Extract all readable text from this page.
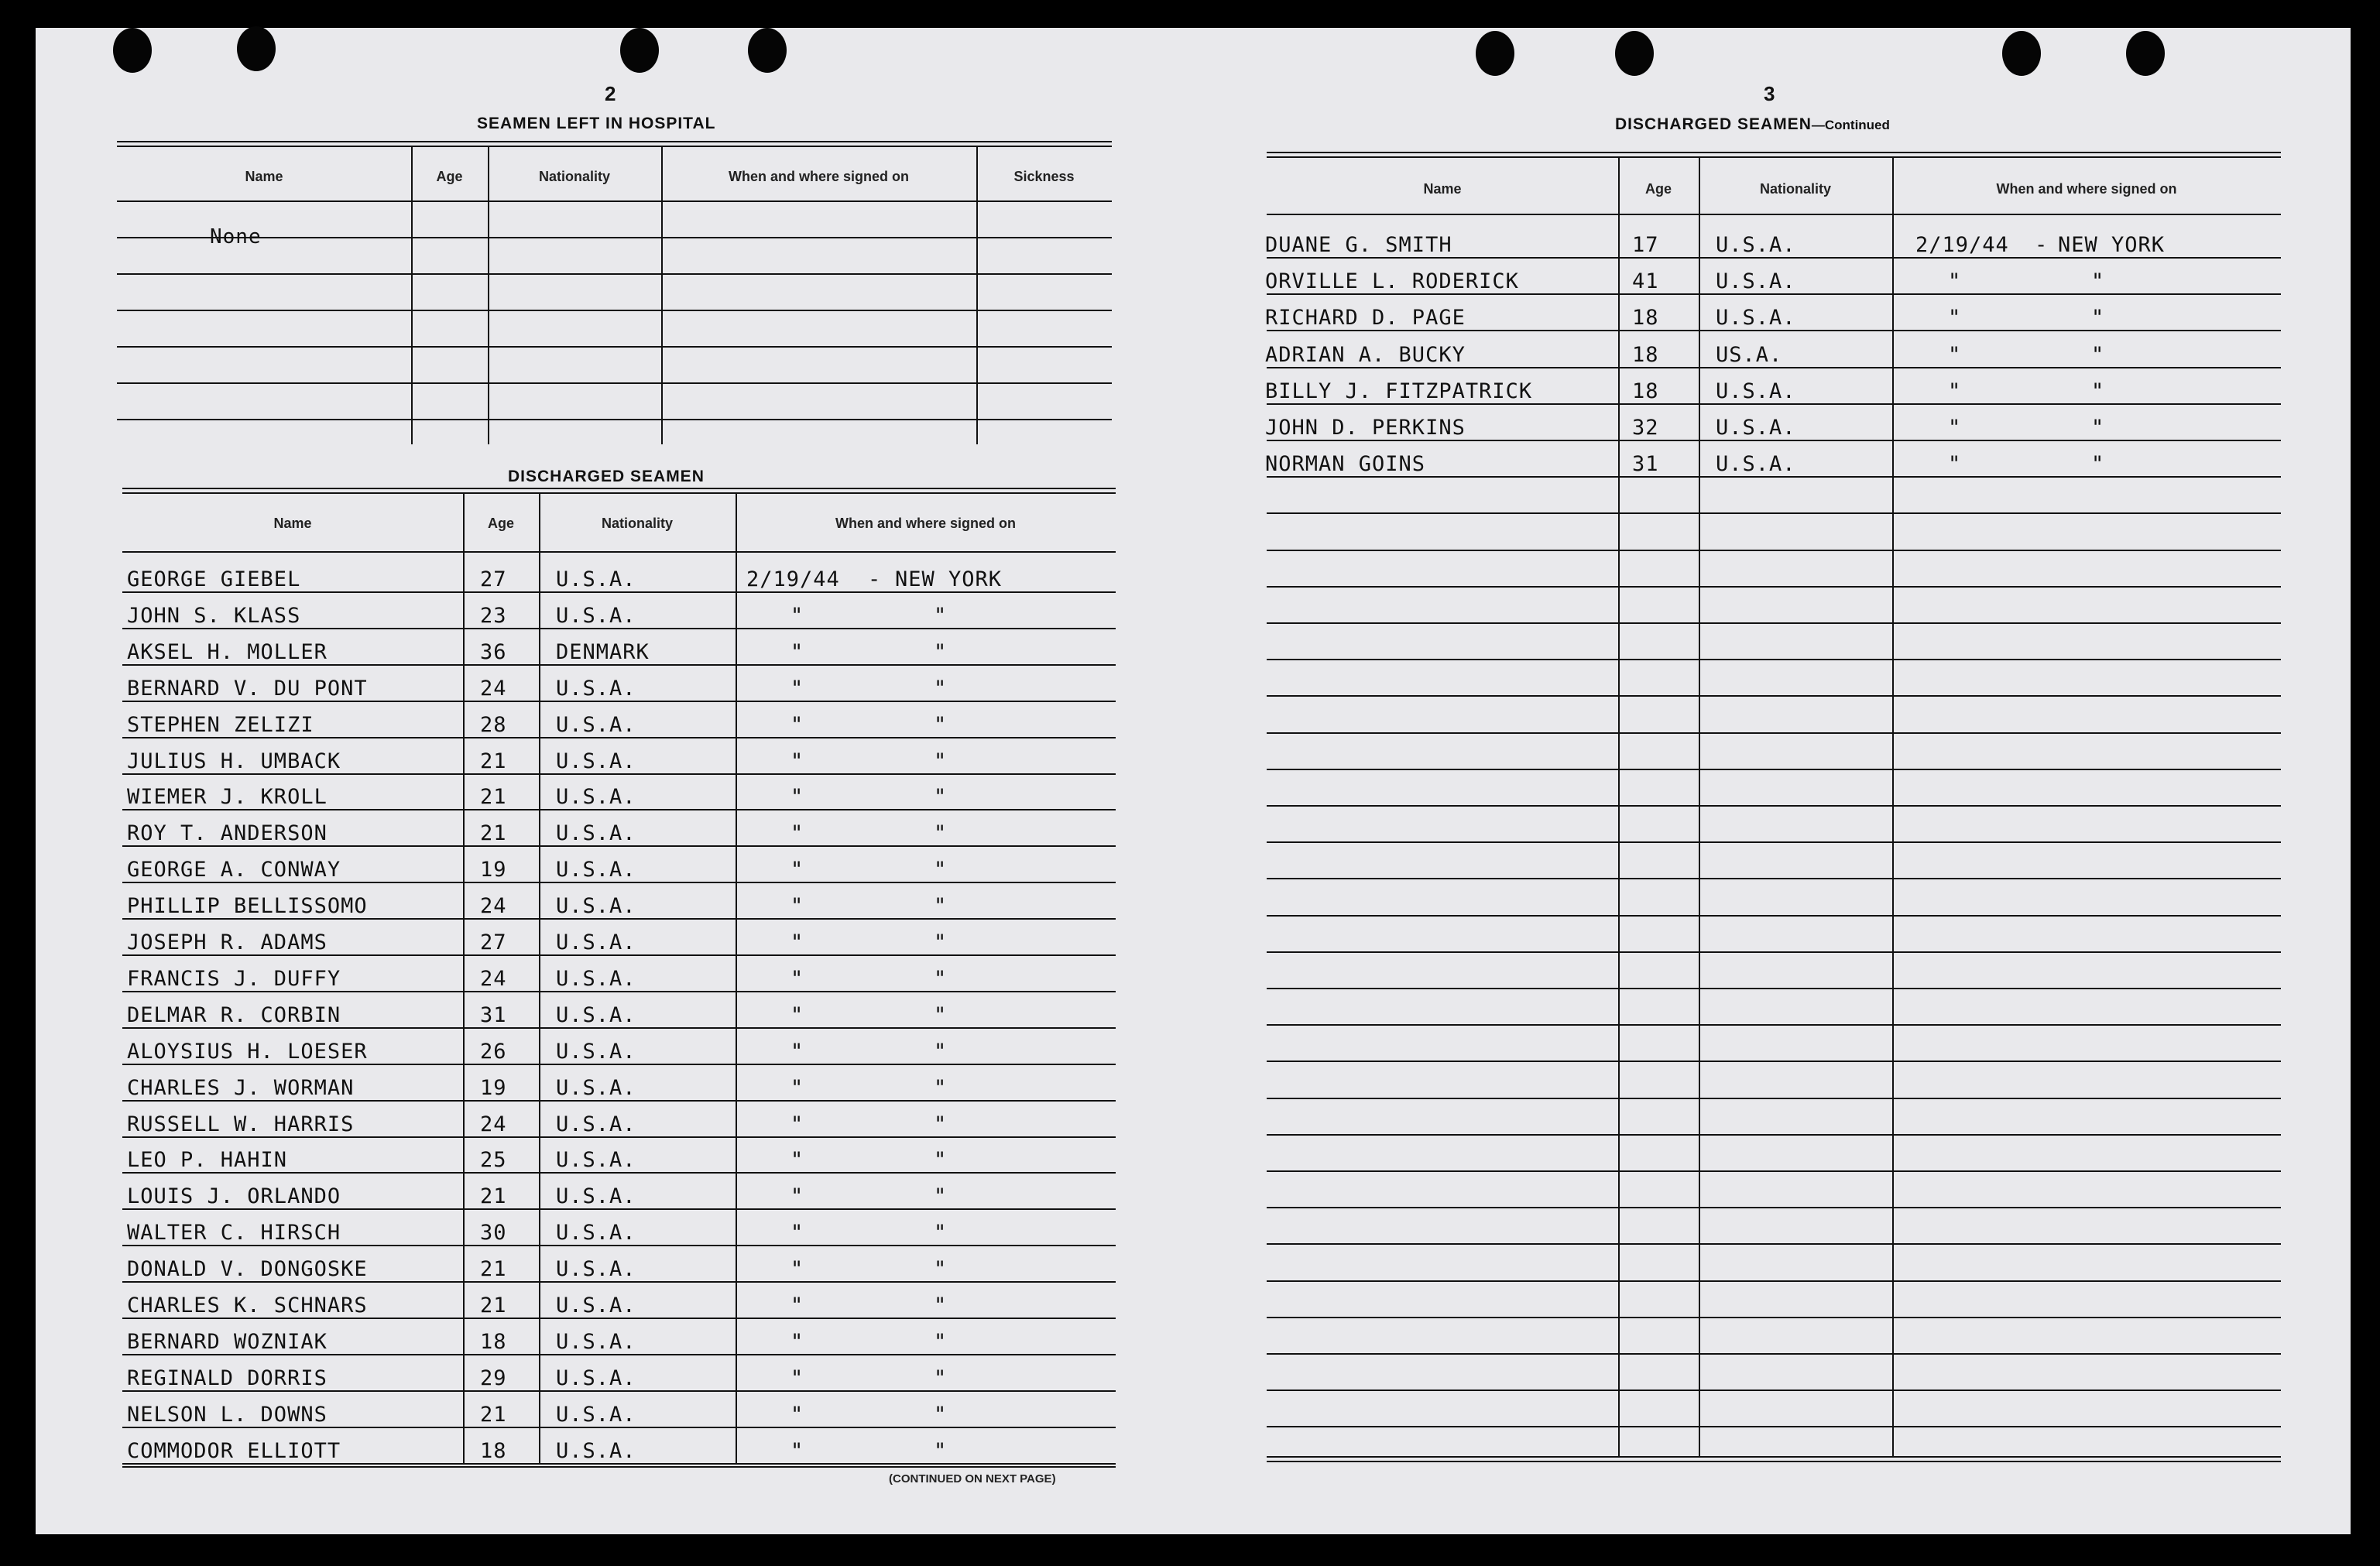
2
SEAMEN LEFT IN HOSPITAL
DISCHARGED SEAMEN
(CONTINUED ON NEXT PAGE)
3
DISCHARGED SEAMEN—Continued
Name	Age	Nationality	When and where signed on	Sickness
None
Name	Age	Nationality	When and where signed on
GEORGE GIEBEL	27 U.S.A.	2/19/44 - NEW YORK
JOHN S. KLASS	23 U.S.A.	"	"
AKSEL H. MOLLER	36 DENMARK	"	"
BERNARD V. DU PONT	24 U.S.A.	"	"
STEPHEN ZELIZI	28 U.S.A.	"	"
JULIUS H. UMBACK	21 U.S.A.	"	"
WIEMER J. KROLL	21 U.S.A.	"	"
ROY T. ANDERSON	21 U.S.A.	"	"
GEORGE A. CONWAY	19 U.S.A.	"	"
PHILLIP BELLISSOMO	24 U.S.A.	"	"
JOSEPH R. ADAMS	27 U.S.A.	"	"
FRANCIS J. DUFFY	24 U.S.A.	"	"
DELMAR R. CORBIN	31 U.S.A.	"	"
ALOYSIUS H. LOESER	26 U.S.A.	"	"
CHARLES J. WORMAN	19 U.S.A.	"	"
RUSSELL W. HARRIS	24 U.S.A.	"	"
LEO P. HAHIN	25 U.S.A.	"	"
LOUIS J. ORLANDO	21 U.S.A.	"	"
WALTER C. HIRSCH	30 U.S.A.	"	"
DONALD V. DONGOSKE	21 U.S.A.	"	"
CHARLES K. SCHNARS	21 U.S.A.	"	"
BERNARD WOZNIAK	18 U.S.A.	"	"
REGINALD DORRIS	29 U.S.A.	"	"
NELSON L. DOWNS	21 U.S.A.	"	"
COMMODOR ELLIOTT	18 U.S.A.	"	"
Name	Age	Nationality	When and where signed on
DUANE G. SMITH	17	U.S.A.	2/19/44 - NEW YORK
ORVILLE L. RODERICK	41	U.S.A.	"	"
RICHARD D. PAGE	18	U.S.A.	"	"
ADRIAN A. BUCKY	18	US.A.	"	"
BILLY J. FITZPATRICK	18	U.S.A.	"	"
JOHN D. PERKINS	32	U.S.A.	"	"
NORMAN GOINS	31	U.S.A.	"	"
